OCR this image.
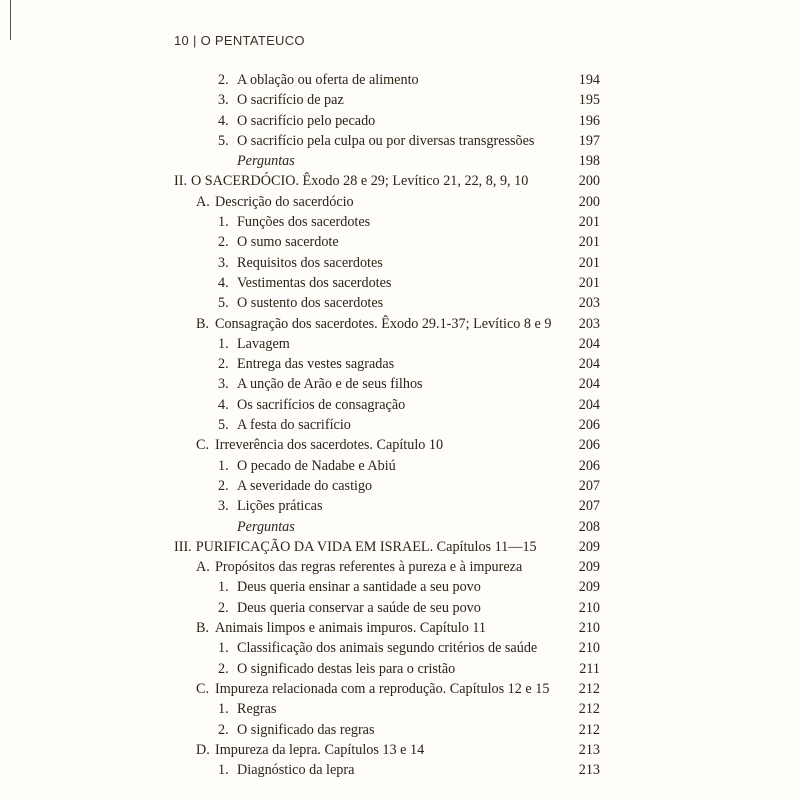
10 | O PENTATEUCO
2. A oblação ou oferta de alimento	194
3. O sacrifício de paz	195
4. O sacrifício pelo pecado	196
5. O sacrifício pela culpa ou por diversas transgressões	197
Perguntas	198
II. O SACERDÓCIO. Êxodo 28 e 29; Levítico 21, 22, 8, 9, 10	200
A. Descrição do sacerdócio	200
1. Funções dos sacerdotes	201
2. O sumo sacerdote	201
3. Requisitos dos sacerdotes	201
4. Vestimentas dos sacerdotes	201
5. O sustento dos sacerdotes	203
B. Consagração dos sacerdotes. Êxodo 29.1-37; Levítico 8 e 9 203
1. Lavagem	204
2. Entrega das vestes sagradas	204
3. A unção de Arão e de seus filhos	204
4. Os sacrifícios de consagração	204
5. A festa do sacrifício	206
C. Irreverência dos sacerdotes. Capítulo 10	206
1. O pecado de Nadabe e Abiú	206
2. A severidade do castigo	207
3. Lições práticas	207
Perguntas	208
III. PURIFICAÇÃO DA VIDA EM ISRAEL. Capítulos 11—15	209
A. Propósitos das regras referentes à pureza e à impureza	209
1. Deus queria ensinar a santidade a seu povo	209
2. Deus queria conservar a saúde de seu povo	210
B. Animais limpos e animais impuros. Capítulo 11	210
1. Classificação dos animais segundo critérios de saúde	210
2. O significado destas leis para o cristão	211
C. Impureza relacionada com a reprodução. Capítulos 12 e 15 212
1. Regras	212
2. O significado das regras	212
D. Impureza da lepra. Capítulos 13 e 14	213
1. Diagnóstico da lepra	213
